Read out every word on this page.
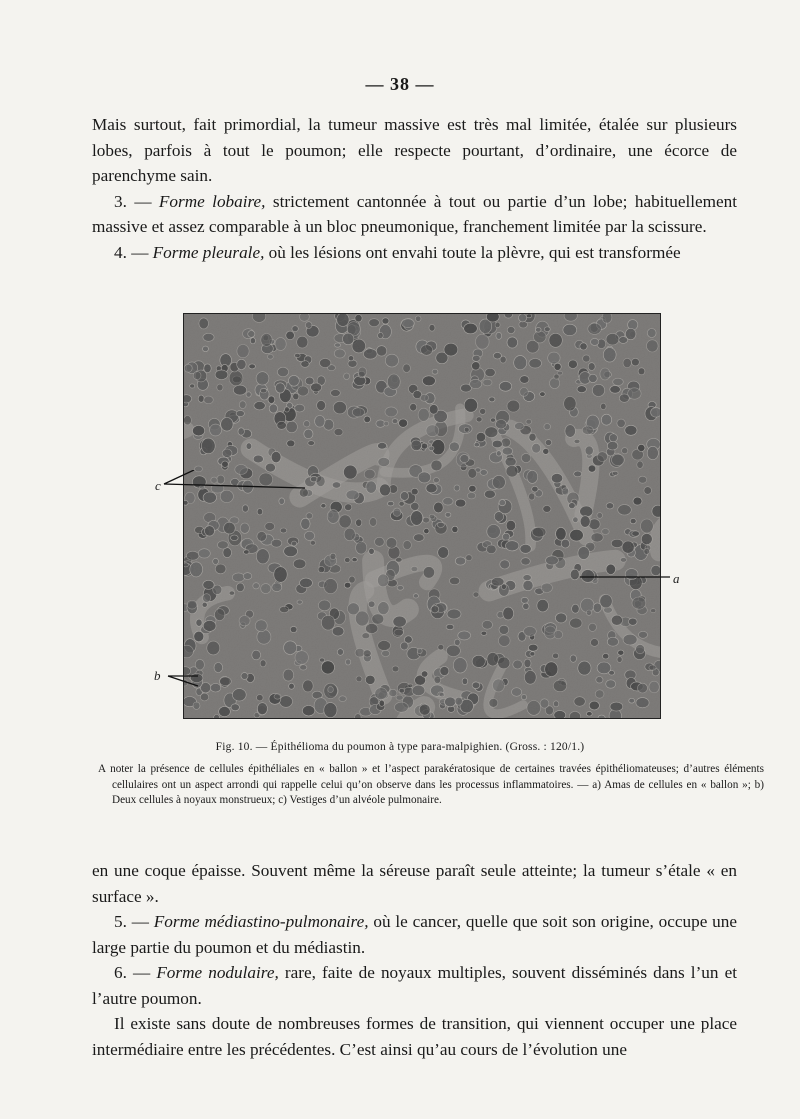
— 38 —

Mais surtout, fait primordial, la tumeur massive est très mal limitée, étalée sur plusieurs lobes, parfois à tout le poumon; elle respecte pourtant, d’ordinaire, une écorce de parenchyme sain.

3. — Forme lobaire, strictement cantonnée à tout ou partie d’un lobe; habituellement massive et assez comparable à un bloc pneumonique, franchement limitée par la scissure.

4. — Forme pleurale, où les lésions ont envahi toute la plèvre, qui est transformée

c
a
b
Fig. 10. — Épithélioma du poumon à type para-malpighien. (Gross. : 120/1.)
A noter la présence de cellules épithéliales en « ballon » et l’aspect parakératosique de certaines travées épithéliomateuses; d’autres éléments cellulaires ont un aspect arrondi qui rappelle celui qu’on observe dans les processus inflammatoires. — a) Amas de cellules en « ballon »; b) Deux cellules à noyaux monstrueux; c) Vestiges d’un alvéole pulmonaire.

en une coque épaisse. Souvent même la séreuse paraît seule atteinte; la tumeur s’étale « en surface ».

5. — Forme médiastino-pulmonaire, où le cancer, quelle que soit son origine, occupe une large partie du poumon et du médiastin.

6. — Forme nodulaire, rare, faite de noyaux multiples, souvent disséminés dans l’un et l’autre poumon.

Il existe sans doute de nombreuses formes de transition, qui viennent occuper une place intermédiaire entre les précédentes. C’est ainsi qu’au cours de l’évolution une
